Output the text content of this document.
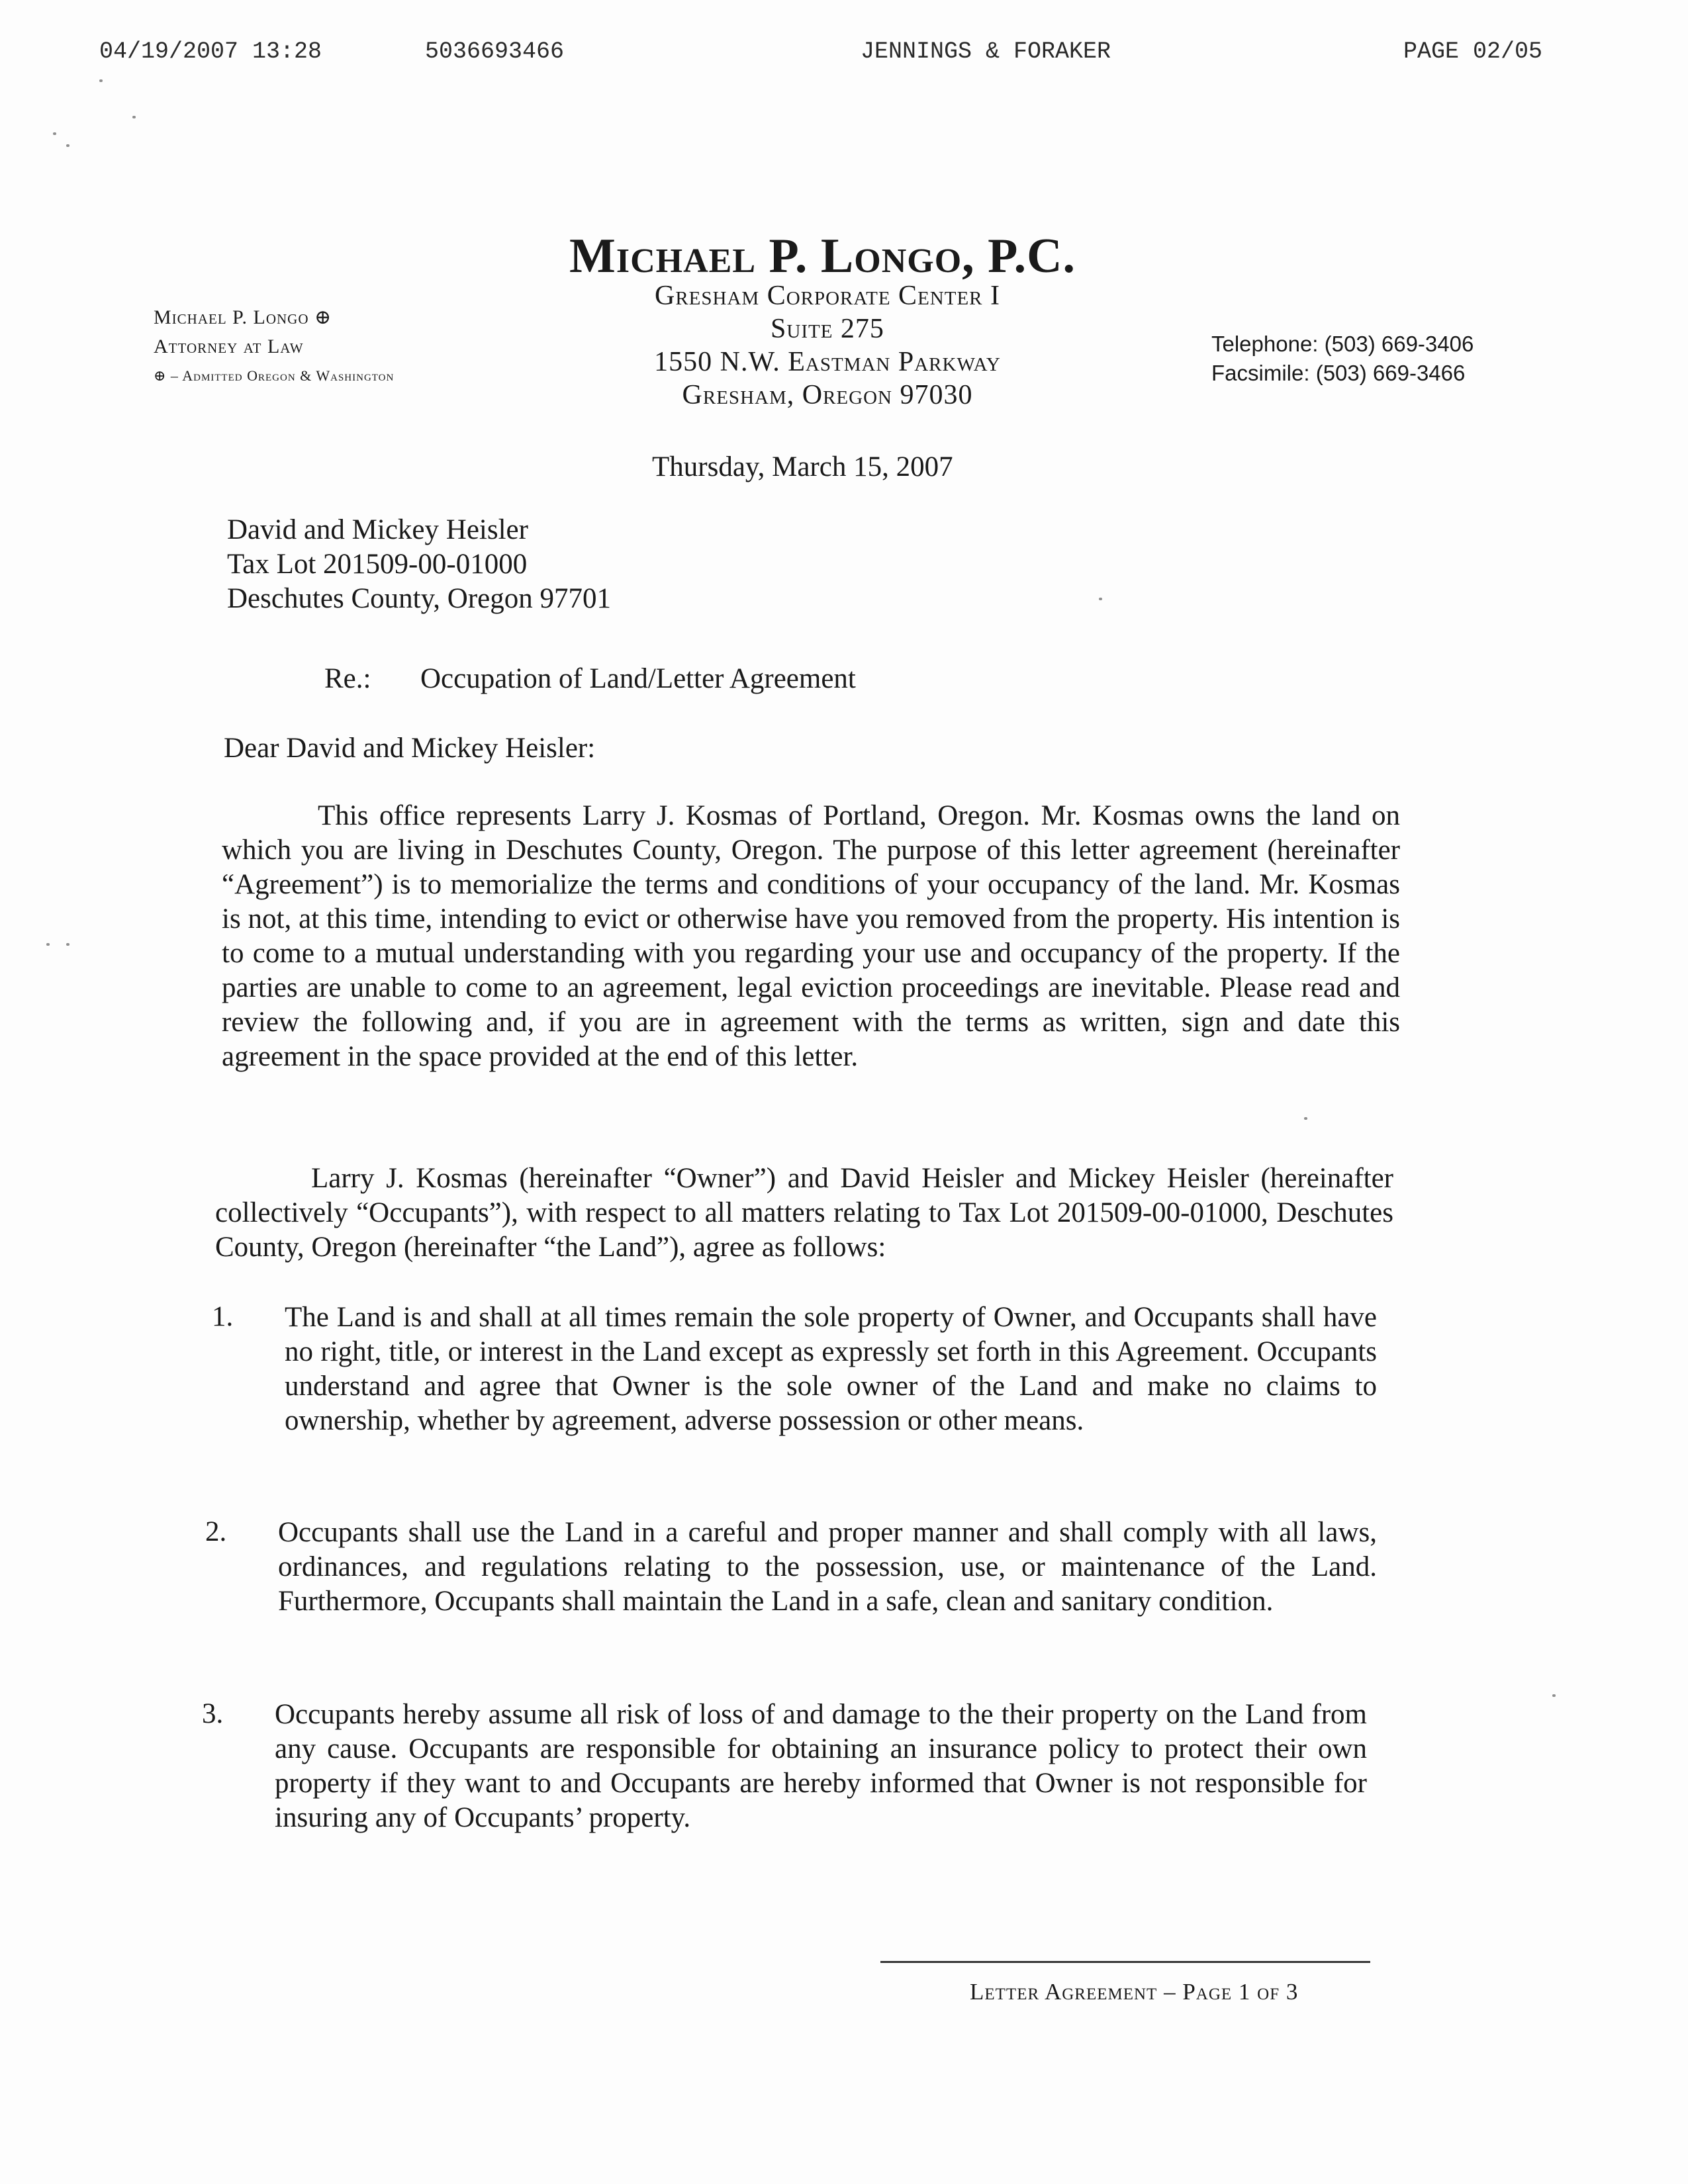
04/19/2007 13:28	5036693466	JENNINGS & FORAKER	PAGE 02/05
Michael P. Longo, P.C.
Gresham Corporate Center I
Suite 275
1550 N.W. Eastman Parkway
Gresham, Oregon 97030
Michael P. Longo ⊕
Attorney at Law
⊕ – Admitted Oregon & Washington
Telephone: (503) 669-3406
Facsimile: (503) 669-3466
Thursday, March 15, 2007
David and Mickey Heisler
Tax Lot 201509-00-01000
Deschutes County, Oregon 97701
Re.: Occupation of Land/Letter Agreement
Dear David and Mickey Heisler:
This office represents Larry J. Kosmas of Portland, Oregon. Mr. Kosmas owns the land on which you are living in Deschutes County, Oregon. The purpose of this letter agreement (hereinafter “Agreement”) is to memorialize the terms and conditions of your occupancy of the land. Mr. Kosmas is not, at this time, intending to evict or otherwise have you removed from the property. His intention is to come to a mutual understanding with you regarding your use and occupancy of the property. If the parties are unable to come to an agreement, legal eviction proceedings are inevitable. Please read and review the following and, if you are in agreement with the terms as written, sign and date this agreement in the space provided at the end of this letter.
Larry J. Kosmas (hereinafter “Owner”) and David Heisler and Mickey Heisler (hereinafter collectively “Occupants”), with respect to all matters relating to Tax Lot 201509-00-01000, Deschutes County, Oregon (hereinafter “the Land”), agree as follows:
1. The Land is and shall at all times remain the sole property of Owner, and Occupants shall have no right, title, or interest in the Land except as expressly set forth in this Agreement. Occupants understand and agree that Owner is the sole owner of the Land and make no claims to ownership, whether by agreement, adverse possession or other means.
2. Occupants shall use the Land in a careful and proper manner and shall comply with all laws, ordinances, and regulations relating to the possession, use, or maintenance of the Land. Furthermore, Occupants shall maintain the Land in a safe, clean and sanitary condition.
3. Occupants hereby assume all risk of loss of and damage to the their property on the Land from any cause. Occupants are responsible for obtaining an insurance policy to protect their own property if they want to and Occupants are hereby informed that Owner is not responsible for insuring any of Occupants’ property.
Letter Agreement – Page 1 of 3
